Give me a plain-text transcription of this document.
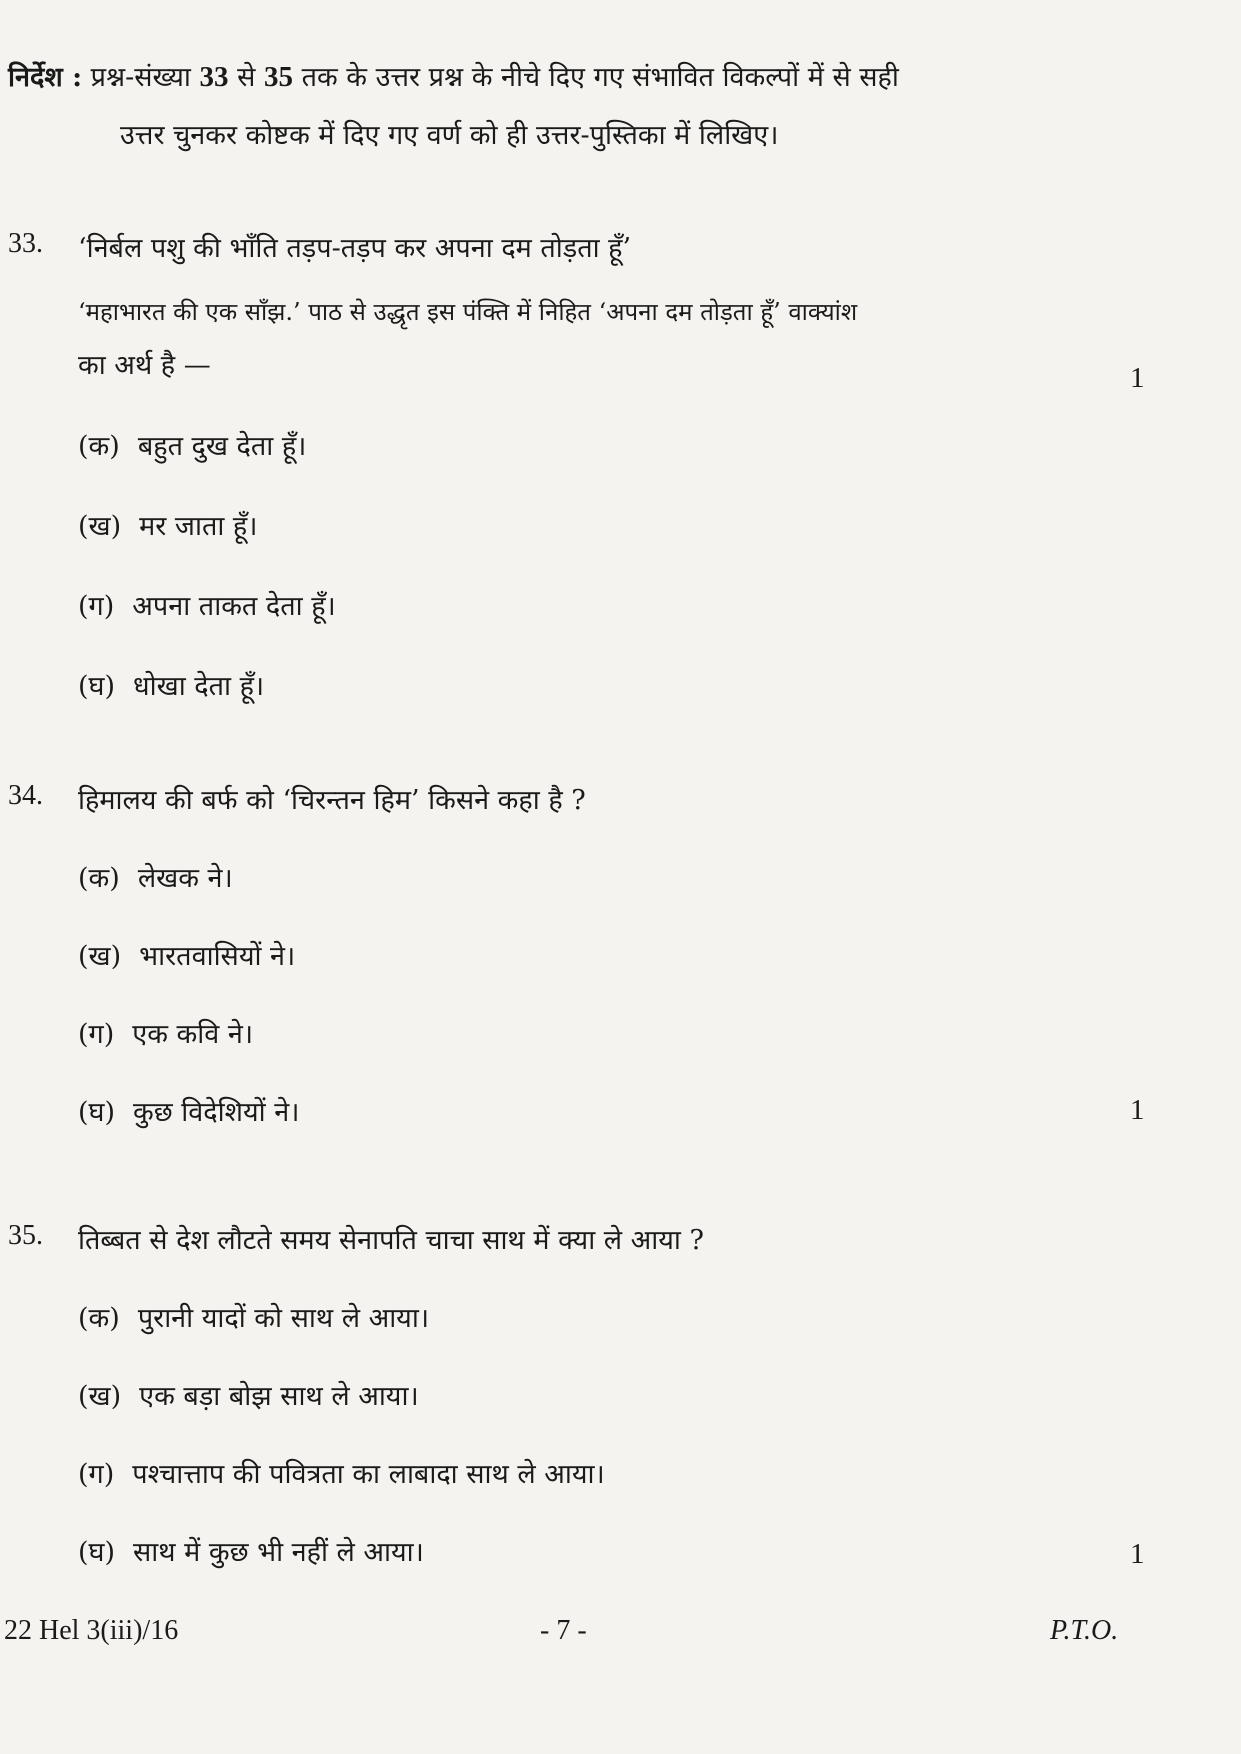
निर्देश : प्रश्न-संख्या 33 से 35 तक के उत्तर प्रश्न के नीचे दिए गए संभावित विकल्पों में से सही
उत्तर चुनकर कोष्टक में दिए गए वर्ण को ही उत्तर-पुस्तिका में लिखिए।
33. ‘निर्बल पशु की भाँति तड़प-तड़प कर अपना दम तोड़ता हूँ’
‘महाभारत की एक साँझ.’ पाठ से उद्धृत इस पंक्ति में निहित ‘अपना दम तोड़ता हूँ’ वाक्यांश
का अर्थ है —	1
(क) बहुत दुख देता हूँ।
(ख) मर जाता हूँ।
(ग) अपना ताकत देता हूँ।
(घ) धोखा देता हूँ।
34. हिमालय की बर्फ को ‘चिरन्तन हिम’ किसने कहा है ?
(क) लेखक ने।
(ख) भारतवासियों ने।
(ग) एक कवि ने।
(घ) कुछ विदेशियों ने।	1
35. तिब्बत से देश लौटते समय सेनापति चाचा साथ में क्या ले आया ?
(क) पुरानी यादों को साथ ले आया।
(ख) एक बड़ा बोझ साथ ले आया।
(ग) पश्चात्ताप की पवित्रता का लाबादा साथ ले आया।
(घ) साथ में कुछ भी नहीं ले आया।	1
22 Hel 3(iii)/16	- 7 -	P.T.O.
